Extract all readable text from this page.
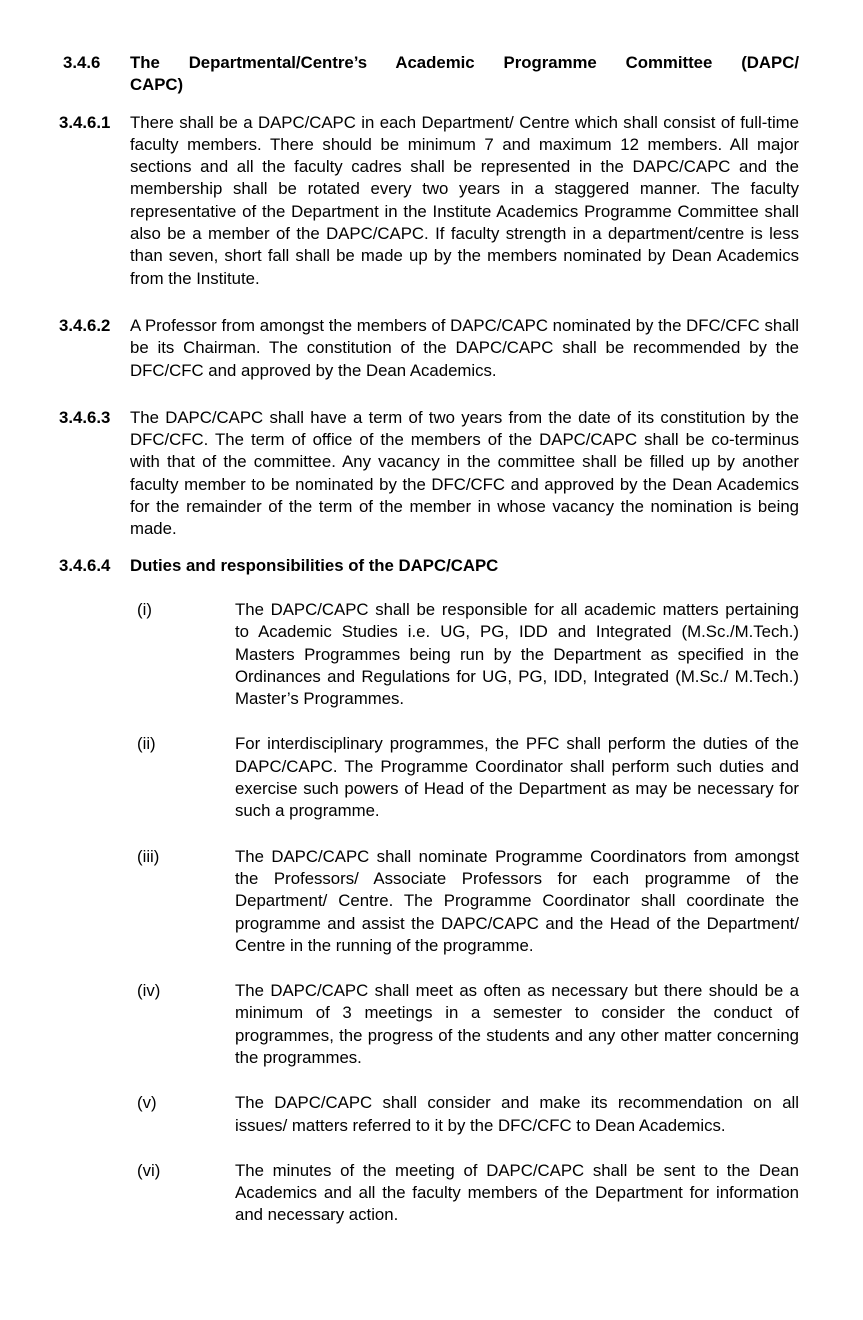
3.4.6	The Departmental/Centre’s Academic Programme Committee (DAPC/
CAPC)
3.4.6.1	There shall be a DAPC/CAPC in each Department/ Centre which shall consist of full-time faculty members. There should be minimum 7 and maximum 12 members. All major sections and all the faculty cadres shall be represented in the DAPC/CAPC and the membership shall be rotated every two years in a staggered manner. The faculty representative of the Department in the Institute Academics Programme Committee shall also be a member of the DAPC/CAPC. If faculty strength in a department/centre is less than seven, short fall shall be made up by the members nominated by Dean Academics from the Institute.
3.4.6.2	A Professor from amongst the members of DAPC/CAPC nominated by the DFC/CFC shall be its Chairman. The constitution of the DAPC/CAPC shall be recommended by the DFC/CFC and approved by the Dean Academics.
3.4.6.3	The DAPC/CAPC shall have a term of two years from the date of its constitution by the DFC/CFC. The term of office of the members of the DAPC/CAPC shall be co-terminus with that of the committee. Any vacancy in the committee shall be filled up by another faculty member to be nominated by the DFC/CFC and approved by the Dean Academics for the remainder of the term of the member in whose vacancy the nomination is being made.
3.4.6.4	Duties and responsibilities of the DAPC/CAPC
(i)	The DAPC/CAPC shall be responsible for all academic matters pertaining to Academic Studies i.e. UG, PG, IDD and Integrated (M.Sc./M.Tech.) Masters Programmes being run by the Department as specified in the Ordinances and Regulations for UG, PG, IDD, Integrated (M.Sc./ M.Tech.) Master’s Programmes.
(ii)	For interdisciplinary programmes, the PFC shall perform the duties of the DAPC/CAPC. The Programme Coordinator shall perform such duties and exercise such powers of Head of the Department as may be necessary for such a programme.
(iii)	The DAPC/CAPC shall nominate Programme Coordinators from amongst the Professors/ Associate Professors for each programme of the Department/ Centre. The Programme Coordinator shall coordinate the programme and assist the DAPC/CAPC and the Head of the Department/ Centre in the running of the programme.
(iv)	The DAPC/CAPC shall meet as often as necessary but there should be a minimum of 3 meetings in a semester to consider the conduct of programmes, the progress of the students and any other matter concerning the programmes.
(v)	The DAPC/CAPC shall consider and make its recommendation on all issues/ matters referred to it by the DFC/CFC to Dean Academics.
(vi)	The minutes of the meeting of DAPC/CAPC shall be sent to the Dean Academics and all the faculty members of the Department for information and necessary action.
